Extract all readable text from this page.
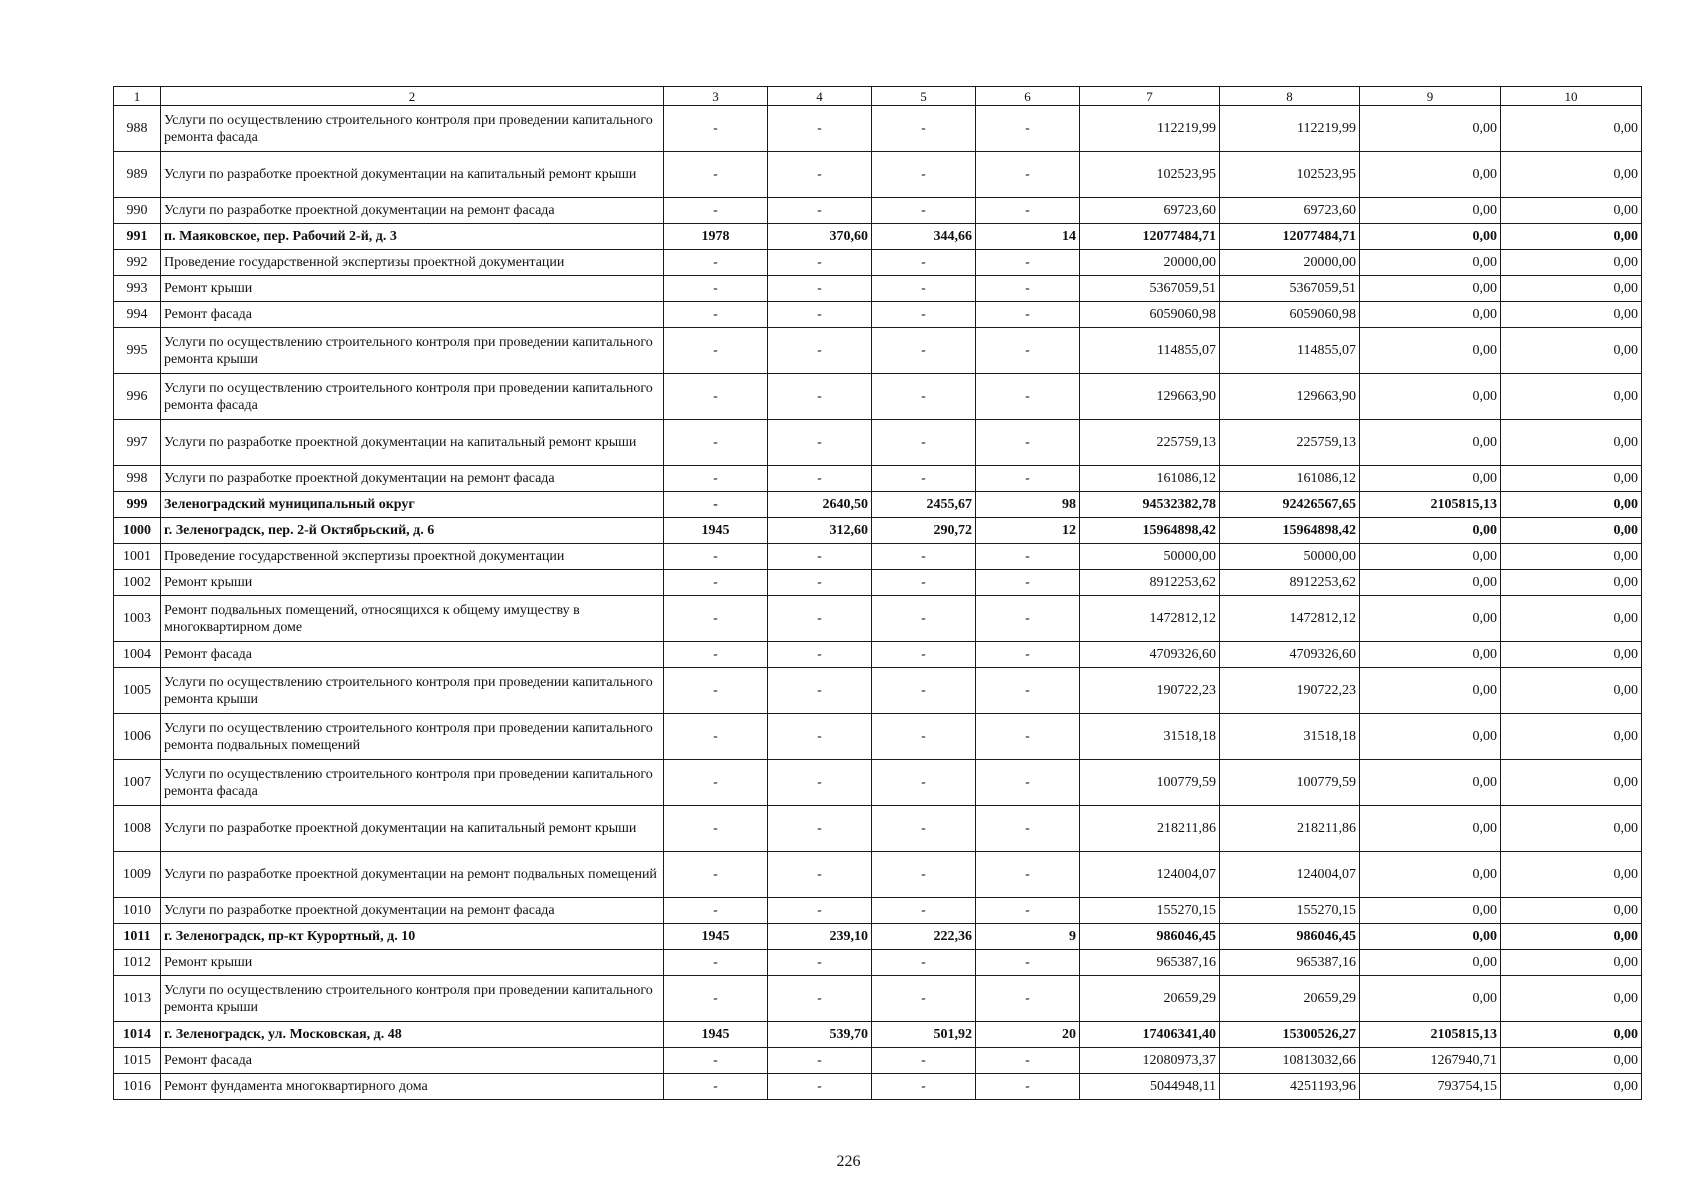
1	2	3	4	5	6	7	8	9	10
988	Услуги по осуществлению строительного контроля при проведении капитального ремонта фасада	-	-	-	-	112219,99	112219,99	0,00	0,00
989	Услуги по разработке проектной документации на капитальный ремонт крыши	-	-	-	-	102523,95	102523,95	0,00	0,00
990	Услуги по разработке проектной документации на ремонт фасада	-	-	-	-	69723,60	69723,60	0,00	0,00
991	п. Маяковское, пер. Рабочий 2-й, д. 3	1978	370,60	344,66	14	12077484,71	12077484,71	0,00	0,00
992	Проведение государственной экспертизы проектной документации	-	-	-	-	20000,00	20000,00	0,00	0,00
993	Ремонт крыши	-	-	-	-	5367059,51	5367059,51	0,00	0,00
994	Ремонт фасада	-	-	-	-	6059060,98	6059060,98	0,00	0,00
995	Услуги по осуществлению строительного контроля при проведении капитального ремонта крыши	-	-	-	-	114855,07	114855,07	0,00	0,00
996	Услуги по осуществлению строительного контроля при проведении капитального ремонта фасада	-	-	-	-	129663,90	129663,90	0,00	0,00
997	Услуги по разработке проектной документации на капитальный ремонт крыши	-	-	-	-	225759,13	225759,13	0,00	0,00
998	Услуги по разработке проектной документации на ремонт фасада	-	-	-	-	161086,12	161086,12	0,00	0,00
999	Зеленоградский муниципальный округ	-	2640,50	2455,67	98	94532382,78	92426567,65	2105815,13	0,00
1000	г. Зеленоградск, пер. 2-й Октябрьский, д. 6	1945	312,60	290,72	12	15964898,42	15964898,42	0,00	0,00
1001	Проведение государственной экспертизы проектной документации	-	-	-	-	50000,00	50000,00	0,00	0,00
1002	Ремонт крыши	-	-	-	-	8912253,62	8912253,62	0,00	0,00
1003	Ремонт подвальных помещений, относящихся к общему имуществу в многоквартирном доме	-	-	-	-	1472812,12	1472812,12	0,00	0,00
1004	Ремонт фасада	-	-	-	-	4709326,60	4709326,60	0,00	0,00
1005	Услуги по осуществлению строительного контроля при проведении капитального ремонта крыши	-	-	-	-	190722,23	190722,23	0,00	0,00
1006	Услуги по осуществлению строительного контроля при проведении капитального ремонта подвальных помещений	-	-	-	-	31518,18	31518,18	0,00	0,00
1007	Услуги по осуществлению строительного контроля при проведении капитального ремонта фасада	-	-	-	-	100779,59	100779,59	0,00	0,00
1008	Услуги по разработке проектной документации на капитальный ремонт крыши	-	-	-	-	218211,86	218211,86	0,00	0,00
1009	Услуги по разработке проектной документации на ремонт подвальных помещений	-	-	-	-	124004,07	124004,07	0,00	0,00
1010	Услуги по разработке проектной документации на ремонт фасада	-	-	-	-	155270,15	155270,15	0,00	0,00
1011	г. Зеленоградск, пр-кт Курортный, д. 10	1945	239,10	222,36	9	986046,45	986046,45	0,00	0,00
1012	Ремонт крыши	-	-	-	-	965387,16	965387,16	0,00	0,00
1013	Услуги по осуществлению строительного контроля при проведении капитального ремонта крыши	-	-	-	-	20659,29	20659,29	0,00	0,00
1014	г. Зеленоградск, ул. Московская, д. 48	1945	539,70	501,92	20	17406341,40	15300526,27	2105815,13	0,00
1015	Ремонт фасада	-	-	-	-	12080973,37	10813032,66	1267940,71	0,00
1016	Ремонт фундамента многоквартирного дома	-	-	-	-	5044948,11	4251193,96	793754,15	0,00
226
